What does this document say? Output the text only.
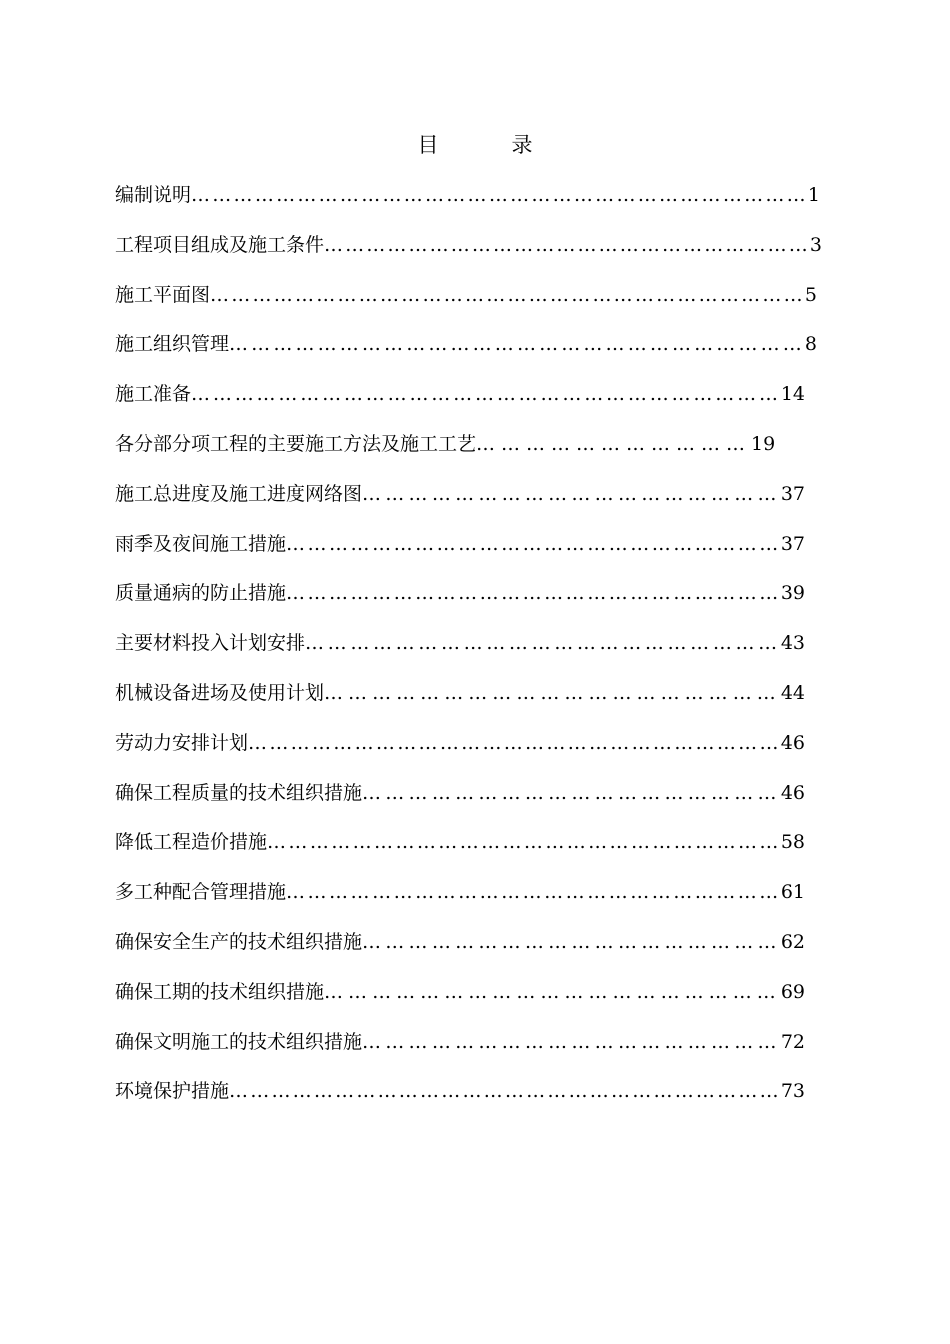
目　录
编制说明……………………………………………………………………………1
工程项目组成及施工条件……………………………………………………………3
施工平面图…………………………………………………………………………5
施工组织管理……………………………………………………………………8
施工准备………………………………………………………………………14
各分部分项工程的主要施工方法及施工工艺……………………………19
施工总进度及施工进度网络图………………………………………………37
雨季及夜间施工措施……………………………………………………………37
质量通病的防止措施……………………………………………………………39
主要材料投入计划安排………………………………………………………43
机械设备进场及使用计划…………………………………………………44
劳动力安排计划…………………………………………………………………46
确保工程质量的技术组织措施………………………………………………46
降低工程造价措施………………………………………………………………58
多工种配合管理措施……………………………………………………………61
确保安全生产的技术组织措施………………………………………………62
确保工期的技术组织措施…………………………………………………69
确保文明施工的技术组织措施………………………………………………72
环境保护措施……………………………………………………………………73
